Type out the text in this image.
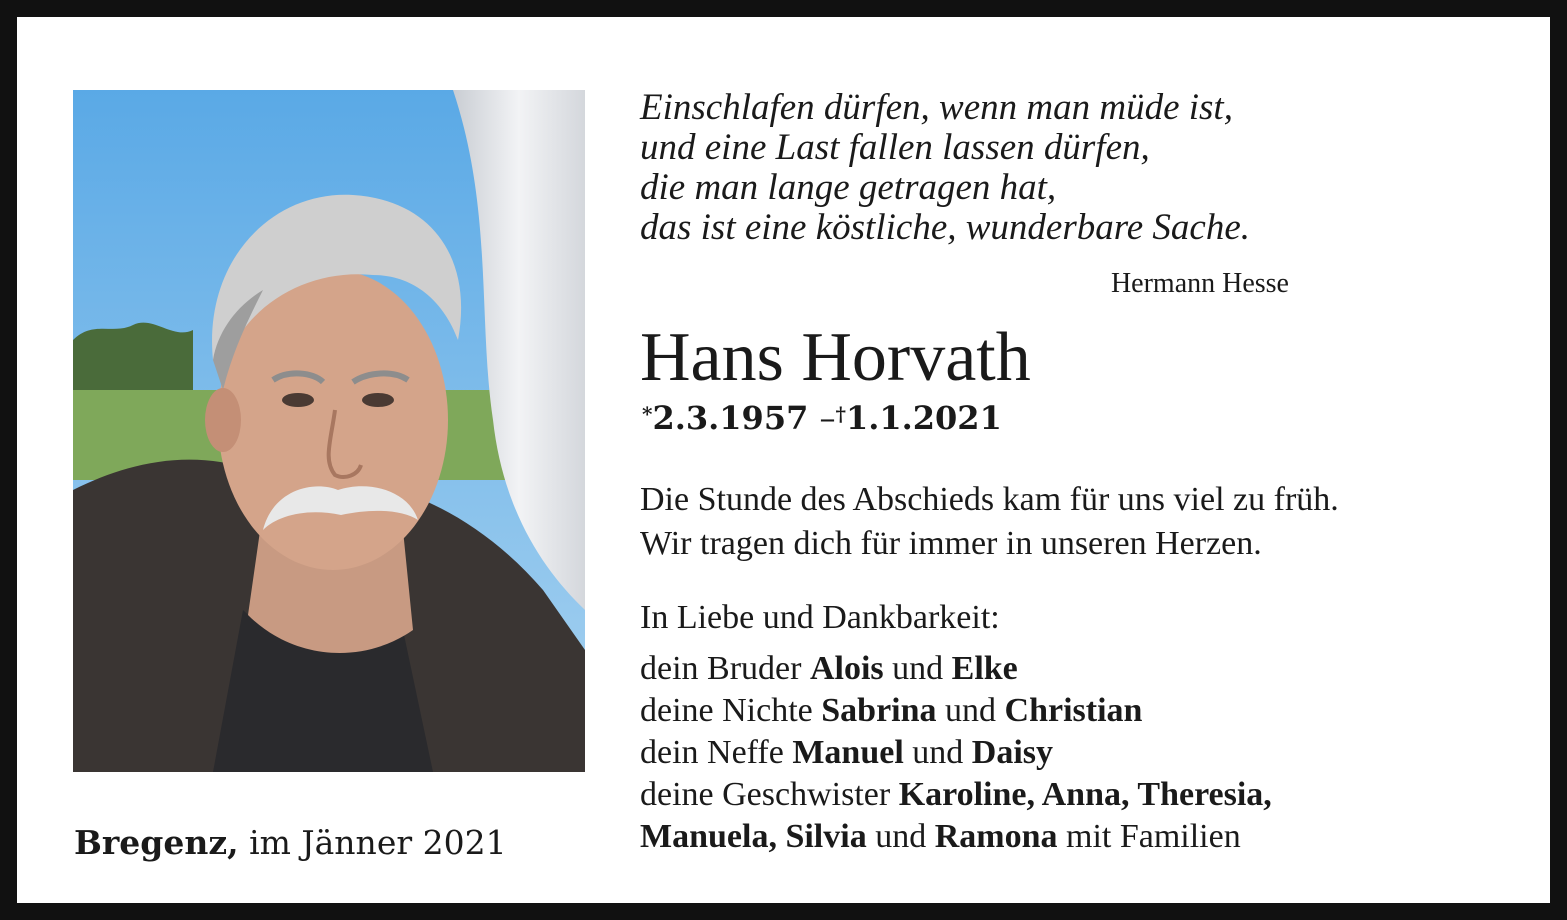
Einschlafen dürfen, wenn man müde ist,
und eine Last fallen lassen dürfen,
die man lange getragen hat,
das ist eine köstliche, wunderbare Sache.
Hermann Hesse
Hans Horvath
*2.3.1957 –†1.1.2021
Die Stunde des Abschieds kam für uns viel zu früh.
Wir tragen dich für immer in unseren Herzen.
In Liebe und Dankbarkeit:
dein Bruder Alois und Elke
deine Nichte Sabrina und Christian
dein Neffe Manuel und Daisy
deine Geschwister Karoline, Anna, Theresia,
Manuela, Silvia und Ramona mit Familien
Bregenz, im Jänner 2021
